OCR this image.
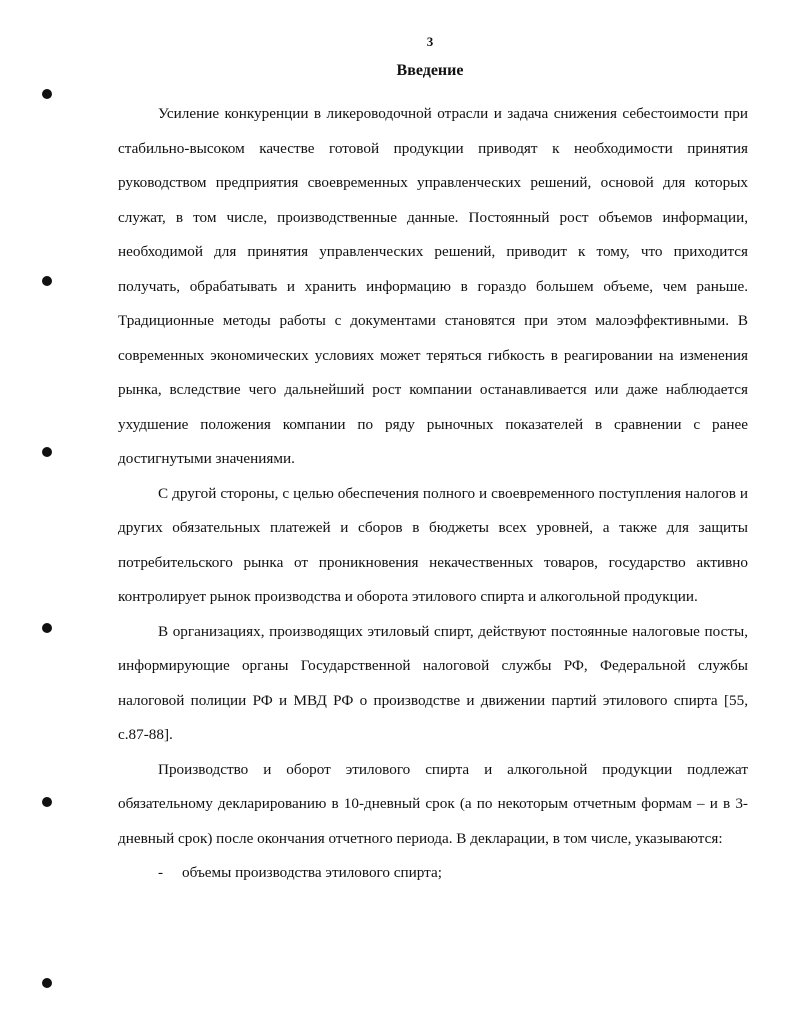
3
Введение

Усиление конкуренции в ликероводочной отрасли и задача снижения себестоимости при стабильно-высоком качестве готовой продукции приводят к необходимости принятия руководством предприятия своевременных управленческих решений, основой для которых служат, в том числе, производственные данные. Постоянный рост объемов информации, необходимой для принятия управленческих решений, приводит к тому, что приходится получать, обрабатывать и хранить информацию в гораздо большем объеме, чем раньше. Традиционные методы работы с документами становятся при этом малоэффективными. В современных экономических условиях может теряться гибкость в реагировании на изменения рынка, вследствие чего дальнейший рост компании останавливается или даже наблюдается ухудшение положения компании по ряду рыночных показателей в сравнении с ранее достигнутыми значениями.

С другой стороны, с целью обеспечения полного и своевременного поступления налогов и других обязательных платежей и сборов в бюджеты всех уровней, а также для защиты потребительского рынка от проникновения некачественных товаров, государство активно контролирует рынок производства и оборота этилового спирта и алкогольной продукции.

В организациях, производящих этиловый спирт, действуют постоянные налоговые посты, информирующие органы Государственной налоговой службы РФ, Федеральной службы налоговой полиции РФ и МВД РФ о производстве и движении партий этилового спирта [55, с.87-88].

Производство и оборот этилового спирта и алкогольной продукции подлежат обязательному декларированию в 10-дневный срок (а по некоторым отчетным формам – и в 3-дневный срок) после окончания отчетного периода. В декларации, в том числе, указываются:

- объемы производства этилового спирта;
